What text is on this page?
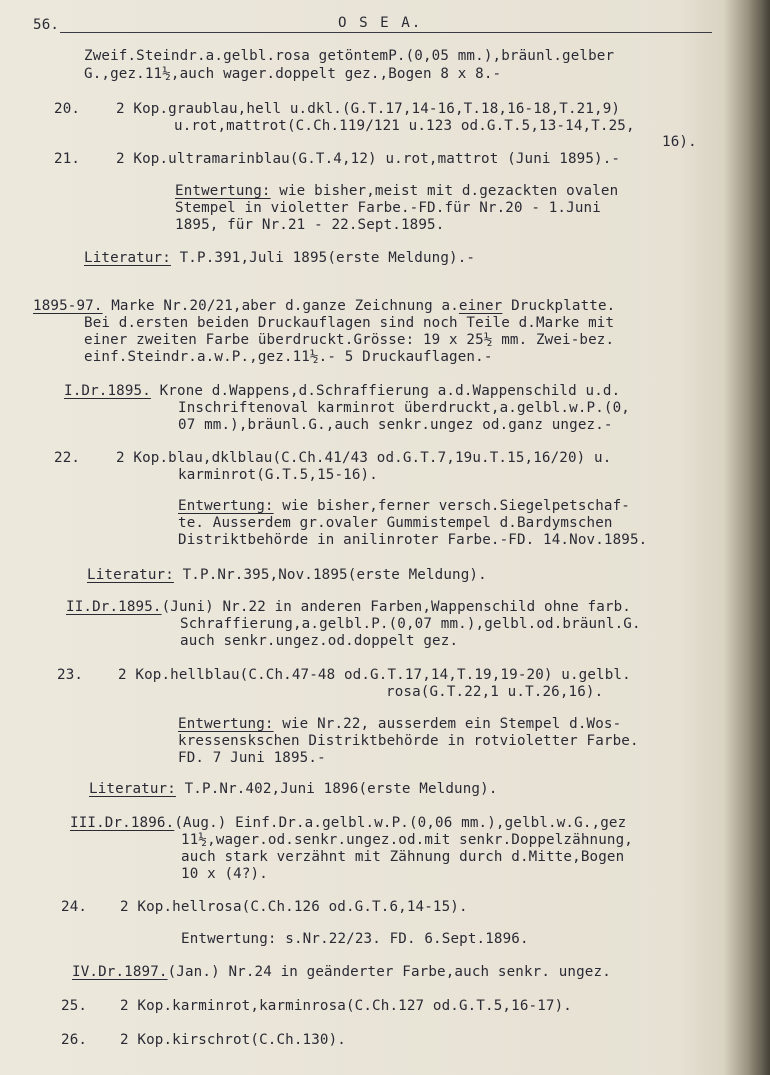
56.	O S E A.
Zweif.Steindr.a.gelbl.rosa getöntemP.(0,05 mm.),bräunl.gelber
G.,gez.11½,auch wager.doppelt gez.,Bogen 8 x 8.-
20.	2 Kop.graublau,hell u.dkl.(G.T.17,14-16,T.18,16-18,T.21,9)
u.rot,mattrot(C.Ch.119/121 u.123 od.G.T.5,13-14,T.25,
16).
21.	2 Kop.ultramarinblau(G.T.4,12) u.rot,mattrot (Juni 1895).-
Entwertung: wie bisher,meist mit d.gezackten ovalen
Stempel in violetter Farbe.-FD.für Nr.20 - 1.Juni
1895, für Nr.21 - 22.Sept.1895.
Literatur: T.P.391,Juli 1895(erste Meldung).-
1895-97. Marke Nr.20/21,aber d.ganze Zeichnung a.einer Druckplatte.
Bei d.ersten beiden Druckauflagen sind noch Teile d.Marke mit
einer zweiten Farbe überdruckt.Grösse: 19 x 25½ mm. Zwei-bez.
einf.Steindr.a.w.P.,gez.11½.- 5 Druckauflagen.-
I.Dr.1895. Krone d.Wappens,d.Schraffierung a.d.Wappenschild u.d.
Inschriftenoval karminrot überdruckt,a.gelbl.w.P.(0,
07 mm.),bräunl.G.,auch senkr.ungez od.ganz ungez.-
22.	2 Kop.blau,dklblau(C.Ch.41/43 od.G.T.7,19u.T.15,16/20) u.
karminrot(G.T.5,15-16).
Entwertung: wie bisher,ferner versch.Siegelpetschaf-
te. Ausserdem gr.ovaler Gummistempel d.Bardymschen
Distriktbehörde in anilinroter Farbe.-FD. 14.Nov.1895.
Literatur: T.P.Nr.395,Nov.1895(erste Meldung).
II.Dr.1895.(Juni) Nr.22 in anderen Farben,Wappenschild ohne farb.
Schraffierung,a.gelbl.P.(0,07 mm.),gelbl.od.bräunl.G.
auch senkr.ungez.od.doppelt gez.
23. 2 Kop.hellblau(C.Ch.47-48 od.G.T.17,14,T.19,19-20) u.gelbl.
rosa(G.T.22,1 u.T.26,16).
Entwertung: wie Nr.22, ausserdem ein Stempel d.Wos-
kressenskschen Distriktbehörde in rotvioletter Farbe.
FD. 7 Juni 1895.-
Literatur: T.P.Nr.402,Juni 1896(erste Meldung).
III.Dr.1896.(Aug.) Einf.Dr.a.gelbl.w.P.(0,06 mm.),gelbl.w.G.,gez
11½,wager.od.senkr.ungez.od.mit senkr.Doppelzähnung,
auch stark verzähnt mit Zähnung durch d.Mitte,Bogen
10 x (4?).
24. 2 Kop.hellrosa(C.Ch.126 od.G.T.6,14-15).
Entwertung: s.Nr.22/23. FD. 6.Sept.1896.
IV.Dr.1897.(Jan.) Nr.24 in geänderter Farbe,auch senkr. ungez.
25. 2 Kop.karminrot,karminrosa(C.Ch.127 od.G.T.5,16-17).
26. 2 Kop.kirschrot(C.Ch.130).
